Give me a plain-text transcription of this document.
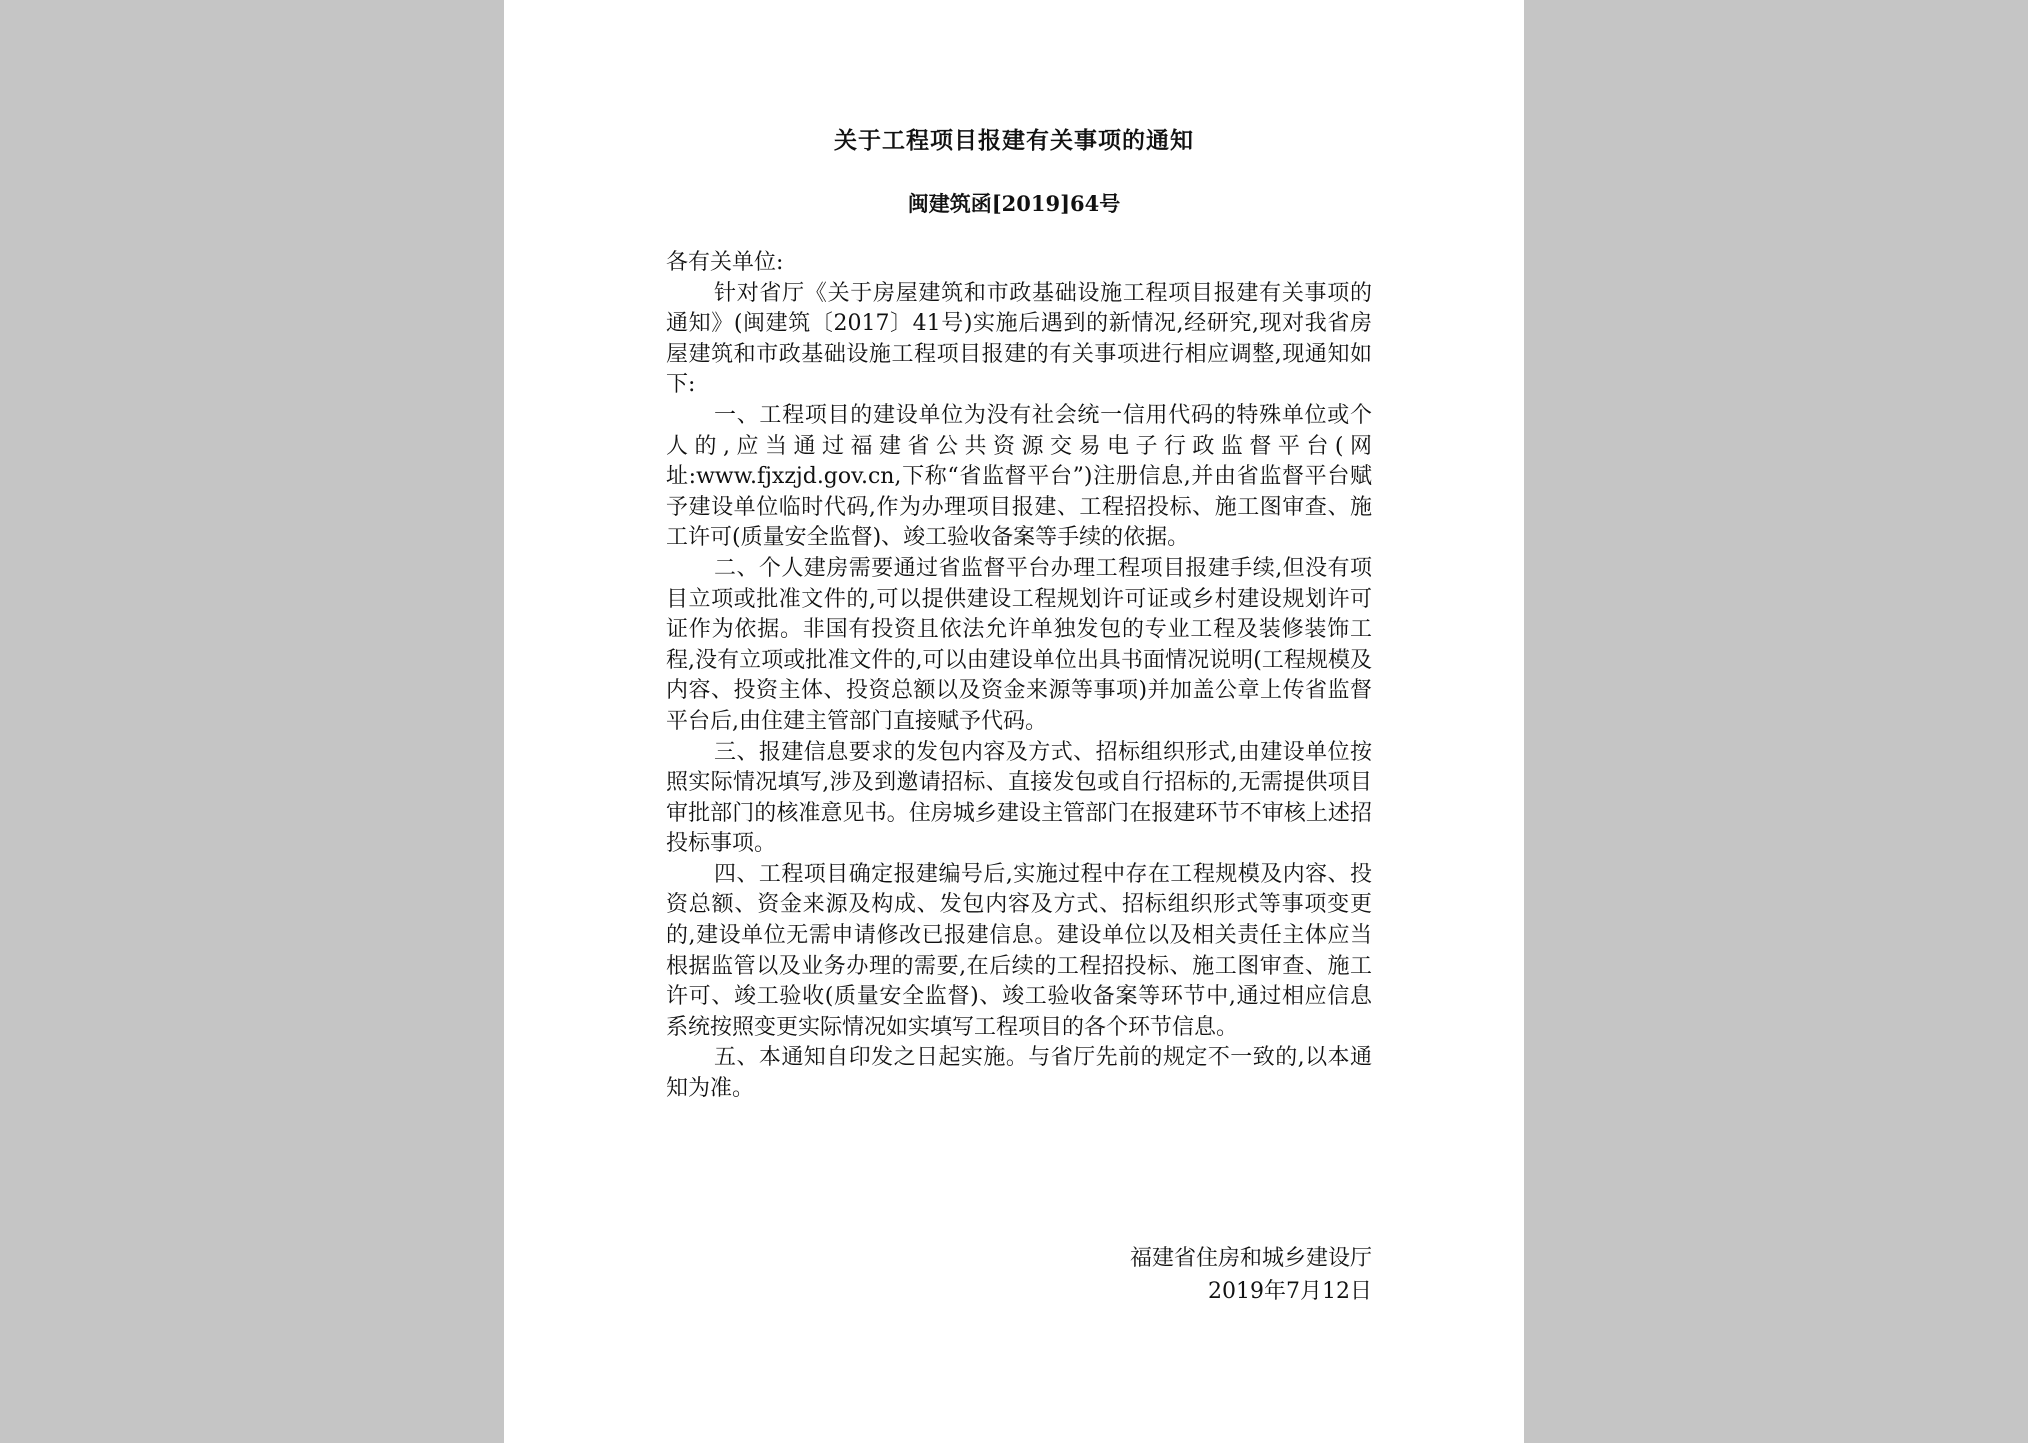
关于工程项目报建有关事项的通知
闽建筑函[2019]64号

各有关单位:

针对省厅《关于房屋建筑和市政基础设施工程项目报建有关事项的通知》(闽建筑〔2017〕41号)实施后遇到的新情况,经研究,现对我省房屋建筑和市政基础设施工程项目报建的有关事项进行相应调整,现通知如下:

一、工程项目的建设单位为没有社会统一信用代码的特殊单位或个人的,应当通过福建省公共资源交易电子行政监督平台(网址:www.fjxzjd.gov.cn,下称“省监督平台”)注册信息,并由省监督平台赋予建设单位临时代码,作为办理项目报建、工程招投标、施工图审查、施工许可(质量安全监督)、竣工验收备案等手续的依据。

二、个人建房需要通过省监督平台办理工程项目报建手续,但没有项目立项或批准文件的,可以提供建设工程规划许可证或乡村建设规划许可证作为依据。非国有投资且依法允许单独发包的专业工程及装修装饰工程,没有立项或批准文件的,可以由建设单位出具书面情况说明(工程规模及内容、投资主体、投资总额以及资金来源等事项)并加盖公章上传省监督平台后,由住建主管部门直接赋予代码。

三、报建信息要求的发包内容及方式、招标组织形式,由建设单位按照实际情况填写,涉及到邀请招标、直接发包或自行招标的,无需提供项目审批部门的核准意见书。住房城乡建设主管部门在报建环节不审核上述招投标事项。

四、工程项目确定报建编号后,实施过程中存在工程规模及内容、投资总额、资金来源及构成、发包内容及方式、招标组织形式等事项变更的,建设单位无需申请修改已报建信息。建设单位以及相关责任主体应当根据监管以及业务办理的需要,在后续的工程招投标、施工图审查、施工许可、竣工验收(质量安全监督)、竣工验收备案等环节中,通过相应信息系统按照变更实际情况如实填写工程项目的各个环节信息。

五、本通知自印发之日起实施。与省厅先前的规定不一致的,以本通知为准。

福建省住房和城乡建设厅
2019年7月12日
